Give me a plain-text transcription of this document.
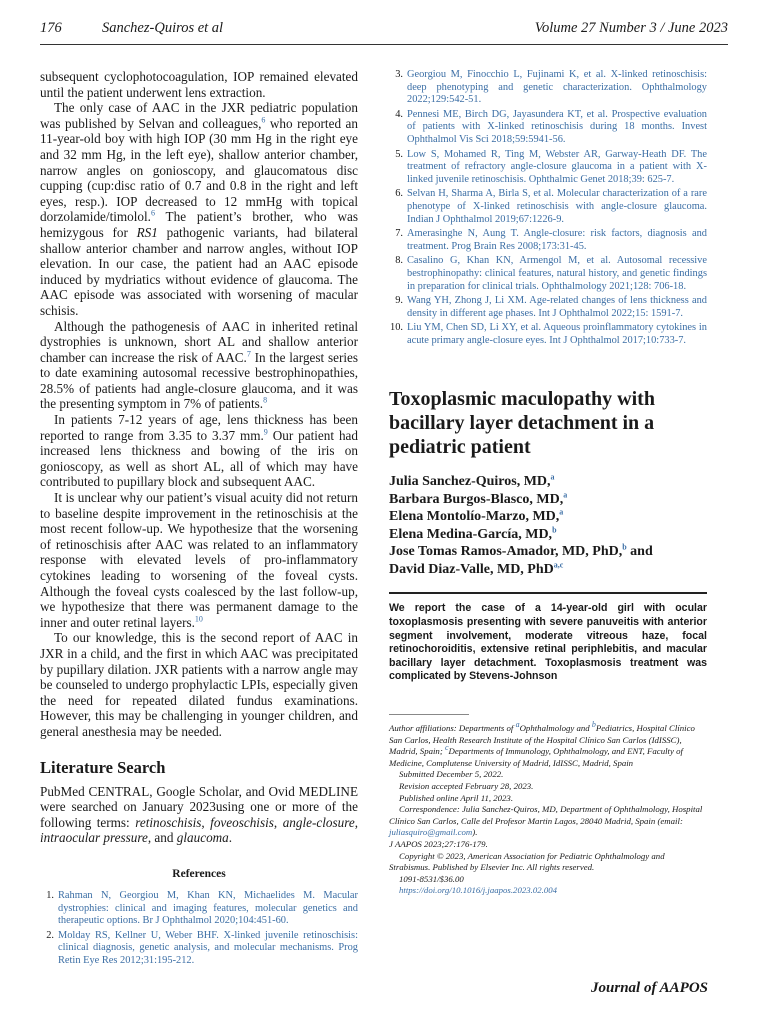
176	Sanchez-Quiros et al	Volume 27 Number 3 / June 2023

subsequent cyclophotocoagulation, IOP remained elevated until the patient underwent lens extraction.

The only case of AAC in the JXR pediatric population was published by Selvan and colleagues,$^6$ who reported an 11-year-old boy with high IOP (30 mm Hg in the right eye and 32 mm Hg, in the left eye), shallow anterior chamber, narrow angles on gonioscopy, and glaucomatous disc cupping (cup:disc ratio of 0.7 and 0.8 in the right and left eyes, resp.). IOP decreased to 12 mmHg with topical dorzolamide/timolol.$^6$ The patient’s brother, who was hemizygous for RS1 pathogenic variants, had bilateral shallow anterior chamber and narrow angles, without IOP elevation. In our case, the patient had an AAC episode induced by mydriatics without evidence of glaucoma. The AAC episode was associated with worsening of macular schisis.

Although the pathogenesis of AAC in inherited retinal dystrophies is unknown, short AL and shallow anterior chamber can increase the risk of AAC.$^7$ In the largest series to date examining autosomal recessive bestrophinopathies, 28.5% of patients had angle-closure glaucoma, and it was the presenting symptom in 7% of patients.$^8$

In patients 7-12 years of age, lens thickness has been reported to range from 3.35 to 3.37 mm.$^9$ Our patient had increased lens thickness and bowing of the iris on gonioscopy, as well as short AL, all of which may have contributed to pupillary block and subsequent AAC.

It is unclear why our patient’s visual acuity did not return to baseline despite improvement in the retinoschisis at the most recent follow-up. We hypothesize that the worsening of retinoschisis after AAC was related to an inflammatory response with elevated levels of pro-inflammatory cytokines leading to worsening of the foveal cysts. Although the foveal cysts coalesced by the last follow-up, we hypothesize that there was permanent damage to the inner and outer retinal layers.$^{10}$

To our knowledge, this is the second report of AAC in JXR in a child, and the first in which AAC was precipitated by pupillary dilation. JXR patients with a narrow angle may be counseled to undergo prophylactic LPIs, especially given the need for repeated dilated fundus examinations. However, this may be challenging in younger children, and general anesthesia may be needed.

Literature Search

PubMed CENTRAL, Google Scholar, and Ovid MEDLINE were searched on January 2023using one or more of the following terms: retinoschisis, foveoschisis, angle-closure, intraocular pressure, and glaucoma.

References
1. Rahman N, Georgiou M, Khan KN, Michaelides M. Macular dystrophies: clinical and imaging features, molecular genetics and therapeutic options. Br J Ophthalmol 2020;104:451-60.
2. Molday RS, Kellner U, Weber BHF. X-linked juvenile retinoschisis: clinical diagnosis, genetic analysis, and molecular mechanisms. Prog Retin Eye Res 2012;31:195-212.
3. Georgiou M, Finocchio L, Fujinami K, et al. X-linked retinoschisis: deep phenotyping and genetic characterization. Ophthalmology 2022;129:542-51.
4. Pennesi ME, Birch DG, Jayasundera KT, et al. Prospective evaluation of patients with X-linked retinoschisis during 18 months. Invest Ophthalmol Vis Sci 2018;59:5941-56.
5. Low S, Mohamed R, Ting M, Webster AR, Garway-Heath DF. The treatment of refractory angle-closure glaucoma in a patient with X-linked juvenile retinoschisis. Ophthalmic Genet 2018;39: 625-7.
6. Selvan H, Sharma A, Birla S, et al. Molecular characterization of a rare phenotype of X-linked retinoschisis with angle-closure glaucoma. Indian J Ophthalmol 2019;67:1226-9.
7. Amerasinghe N, Aung T. Angle-closure: risk factors, diagnosis and treatment. Prog Brain Res 2008;173:31-45.
8. Casalino G, Khan KN, Armengol M, et al. Autosomal recessive bestrophinopathy: clinical features, natural history, and genetic findings in preparation for clinical trials. Ophthalmology 2021;128: 706-18.
9. Wang YH, Zhong J, Li XM. Age-related changes of lens thickness and density in different age phases. Int J Ophthalmol 2022;15: 1591-7.
10. Liu YM, Chen SD, Li XY, et al. Aqueous proinflammatory cytokines in acute primary angle-closure eyes. Int J Ophthalmol 2017;10:733-7.
Toxoplasmic maculopathy with bacillary layer detachment in a pediatric patient
Julia Sanchez-Quiros, MD,$^a$
Barbara Burgos-Blasco, MD,$^a$
Elena Montolío-Marzo, MD,$^a$
Elena Medina-García, MD,$^b$
Jose Tomas Ramos-Amador, MD, PhD,$^b$ and
David Diaz-Valle, MD, PhD$^{a,c}$

We report the case of a 14-year-old girl with ocular toxoplasmosis presenting with severe panuveitis with anterior segment involvement, moderate vitreous haze, focal retinochoroiditis, extensive retinal periphlebitis, and macular bacillary layer detachment. Toxoplasmosis treatment was complicated by Stevens-Johnson

Author affiliations: Departments of $^a$Ophthalmology and $^b$Pediatrics, Hospital Clínico San Carlos, Health Research Institute of the Hospital Clínico San Carlos (IdISSC), Madrid, Spain; $^c$Departments of Immunology, Ophthalmology, and ENT, Faculty of Medicine, Complutense University of Madrid, IdISSC, Madrid, Spain

Submitted December 5, 2022.

Revision accepted February 28, 2023.

Published online April 11, 2023.

Correspondence: Julia Sanchez-Quiros, MD, Department of Ophthalmology, Hospital Clínico San Carlos, Calle del Profesor Martin Lagos, 28040 Madrid, Spain (email: juliasquiro@gmail.com).

J AAPOS 2023;27:176-179.

Copyright © 2023, American Association for Pediatric Ophthalmology and Strabismus. Published by Elsevier Inc. All rights reserved.

1091-8531/$36.00

https://doi.org/10.1016/j.jaapos.2023.02.004

Journal of AAPOS
